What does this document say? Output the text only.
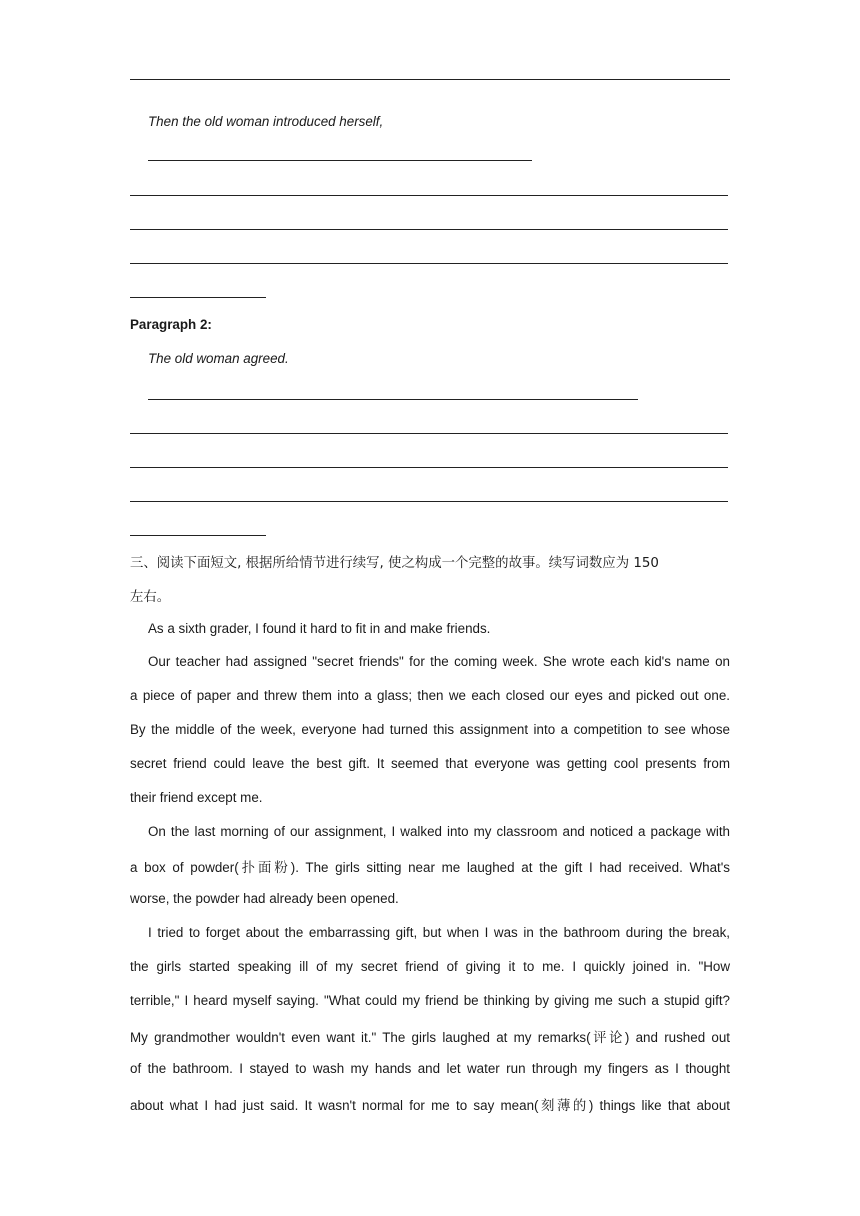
Then the old woman introduced herself,
Paragraph 2:
The old woman agreed.
三、阅读下面短文, 根据所给情节进行续写, 使之构成一个完整的故事。续写词数应为 150
左右。
As a sixth grader, I found it hard to fit in and make friends.
Our teacher had assigned "secret friends" for the coming week. She wrote each kid's name on
a piece of paper and threw them into a glass; then we each closed our eyes and picked out one.
By the middle of the week, everyone had turned this assignment into a competition to see whose
secret friend could leave the best gift. It seemed that everyone was getting cool presents from
their friend except me.
On the last morning of our assignment, I walked into my classroom and noticed a package with
a box of powder(扑面粉). The girls sitting near me laughed at the gift I had received. What's
worse, the powder had already been opened.
I tried to forget about the embarrassing gift, but when I was in the bathroom during the break,
the girls started speaking ill of my secret friend of giving it to me. I quickly joined in. "How
terrible," I heard myself saying. "What could my friend be thinking by giving me such a stupid gift?
My grandmother wouldn't even want it." The girls laughed at my remarks(评论) and rushed out
of the bathroom. I stayed to wash my hands and let water run through my fingers as I thought
about what I had just said. It wasn't normal for me to say mean(刻薄的) things like that about
